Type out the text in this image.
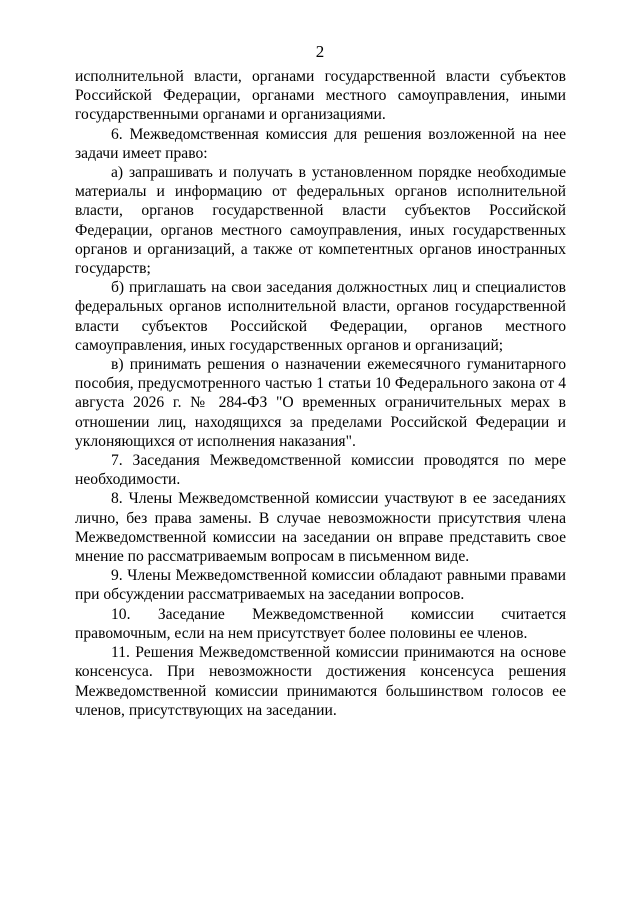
2

исполнительной власти, органами государственной власти субъектов Российской Федерации, органами местного самоуправления, иными государственными органами и организациями.

6. Межведомственная комиссия для решения возложенной на нее задачи имеет право:

а) запрашивать и получать в установленном порядке необходимые материалы и информацию от федеральных органов исполнительной власти, органов государственной власти субъектов Российской Федерации, органов местного самоуправления, иных государственных органов и организаций, а также от компетентных органов иностранных государств;

б) приглашать на свои заседания должностных лиц и специалистов федеральных органов исполнительной власти, органов государственной власти субъектов Российской Федерации, органов местного самоуправления, иных государственных органов и организаций;

в) принимать решения о назначении ежемесячного гуманитарного пособия, предусмотренного частью 1 статьи 10 Федерального закона от 4 августа 2026 г. № 284-ФЗ "О временных ограничительных мерах в отношении лиц, находящихся за пределами Российской Федерации и уклоняющихся от исполнения наказания".

7. Заседания Межведомственной комиссии проводятся по мере необходимости.

8. Члены Межведомственной комиссии участвуют в ее заседаниях лично, без права замены. В случае невозможности присутствия члена Межведомственной комиссии на заседании он вправе представить свое мнение по рассматриваемым вопросам в письменном виде.

9. Члены Межведомственной комиссии обладают равными правами при обсуждении рассматриваемых на заседании вопросов.

10. Заседание Межведомственной комиссии считается правомочным, если на нем присутствует более половины ее членов.

11. Решения Межведомственной комиссии принимаются на основе консенсуса. При невозможности достижения консенсуса решения Межведомственной комиссии принимаются большинством голосов ее членов, присутствующих на заседании.
